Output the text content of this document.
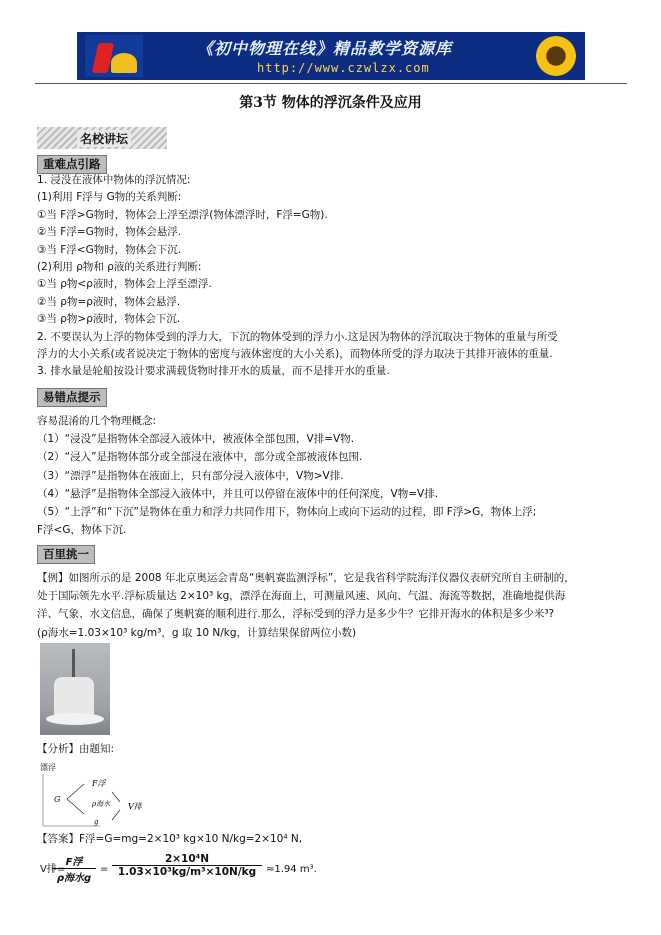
《初中物理在线》精品教学资源库
http://www.czwlzx.com
第3节 物体的浮沉条件及应用
名校讲坛
重难点引路
1. 浸没在液体中物体的浮沉情况:
(1)利用 F浮与 G物的关系判断:
①当 F浮>G物时，物体会上浮至漂浮(物体漂浮时，F浮=G物).
②当 F浮=G物时，物体会悬浮.
③当 F浮<G物时，物体会下沉.
(2)利用 ρ物和 ρ液的关系进行判断:
①当 ρ物<ρ液时，物体会上浮至漂浮.
②当 ρ物=ρ液时，物体会悬浮.
③当 ρ物>ρ液时，物体会下沉.
2. 不要误认为上浮的物体受到的浮力大，下沉的物体受到的浮力小.这是因为物体的浮沉取决于物体的重量与所受
浮力的大小关系(或者说决定于物体的密度与液体密度的大小关系)，而物体所受的浮力取决于其排开液体的重量.
3. 排水量是轮船按设计要求满载货物时排开水的质量，而不是排开水的重量.
易错点提示
容易混淆的几个物理概念:
（1）“浸没”是指物体全部浸入液体中，被液体全部包围，V排=V物.
（2）“浸入”是指物体部分或全部浸在液体中，部分或全部被液体包围.
（3）“漂浮”是指物体在液面上，只有部分浸入液体中，V物>V排.
（4）“悬浮”是指物体全部浸入液体中，并且可以停留在液体中的任何深度，V物=V排.
（5）“上浮”和“下沉”是物体在重力和浮力共同作用下，物体向上或向下运动的过程，即 F浮>G，物体上浮;
F浮<G，物体下沉.
百里挑一
【例】如图所示的是 2008 年北京奥运会青岛“奥帆赛监测浮标”，它是我省科学院海洋仪器仪表研究所自主研制的，
处于国际领先水平.浮标质量达 2×10³ kg，漂浮在海面上，可测量风速、风向、气温、海流等数据，准确地提供海
洋、气象、水文信息，确保了奥帆赛的顺利进行.那么，浮标受到的浮力是多少牛？它排开海水的体积是多少米³?
(ρ海水=1.03×10³ kg/m³，g 取 10 N/kg，计算结果保留两位小数)
【分析】由题知:
漂浮
G
F浮
ρ海水
g
V排
【答案】F浮=G=mg=2×10³ kg×10 N/kg=2×10⁴ N,
V排=
F浮
ρ海水g
=
2×10⁴N
1.03×10³kg/m³×10N/kg ≈1.94 m³.
